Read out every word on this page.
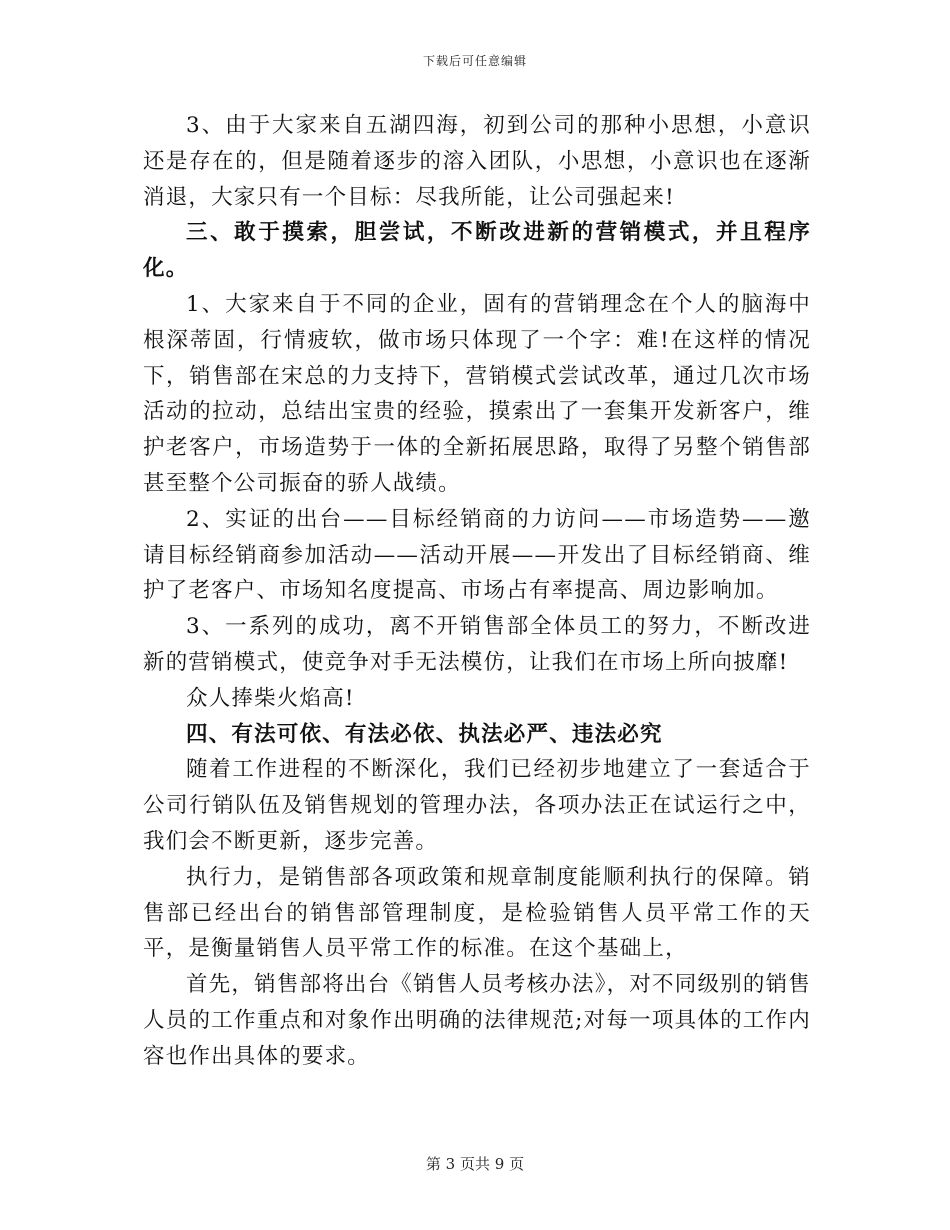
下载后可任意编辑

3、由于大家来自五湖四海，初到公司的那种小思想，小意识还是存在的，但是随着逐步的溶入团队，小思想，小意识也在逐渐消退，大家只有一个目标：尽我所能，让公司强起来!

三、敢于摸索，胆尝试，不断改进新的营销模式，并且程序化。

1、大家来自于不同的企业，固有的营销理念在个人的脑海中根深蒂固，行情疲软，做市场只体现了一个字：难!在这样的情况下，销售部在宋总的力支持下，营销模式尝试改革，通过几次市场活动的拉动，总结出宝贵的经验，摸索出了一套集开发新客户，维护老客户，市场造势于一体的全新拓展思路，取得了另整个销售部甚至整个公司振奋的骄人战绩。

2、实证的出台——目标经销商的力访问——市场造势——邀请目标经销商参加活动——活动开展——开发出了目标经销商、维护了老客户、市场知名度提高、市场占有率提高、周边影响加。

3、一系列的成功，离不开销售部全体员工的努力，不断改进新的营销模式，使竞争对手无法模仿，让我们在市场上所向披靡!

众人捧柴火焰高!

四、有法可依、有法必依、执法必严、违法必究

随着工作进程的不断深化，我们已经初步地建立了一套适合于公司行销队伍及销售规划的管理办法，各项办法正在试运行之中，我们会不断更新，逐步完善。

执行力，是销售部各项政策和规章制度能顺利执行的保障。销售部已经出台的销售部管理制度，是检验销售人员平常工作的天平，是衡量销售人员平常工作的标准。在这个基础上，

首先，销售部将出台《销售人员考核办法》，对不同级别的销售人员的工作重点和对象作出明确的法律规范;对每一项具体的工作内容也作出具体的要求。

第 3 页共 9 页
